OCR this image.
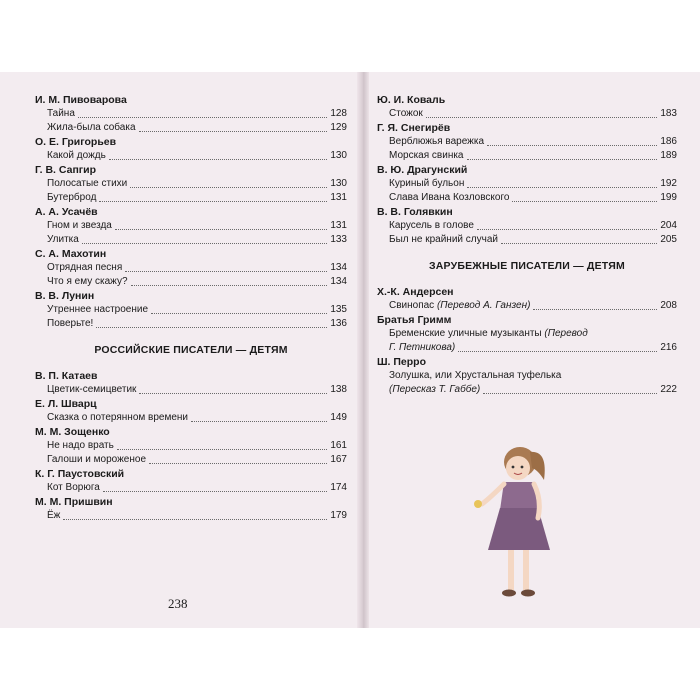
И. М. Пивоварова
Тайна	128
Жила-была собака	129
О. Е. Григорьев
Какой дождь	130
Г. В. Сапгир
Полосатые стихи	130
Бутерброд	131
А. А. Усачёв
Гном и звезда	131
Улитка	133
С. А. Махотин
Отрядная песня	134
Что я ему скажу?	134
В. В. Лунин
Утреннее настроение	135
Поверьте!	136
РОССИЙСКИЕ ПИСАТЕЛИ — ДЕТЯМ
В. П. Катаев
Цветик-семицветик	138
Е. Л. Шварц
Сказка о потерянном времени	149
М. М. Зощенко
Не надо врать	161
Галоши и мороженое	167
К. Г. Паустовский
Кот Ворюга	174
М. М. Пришвин
Ёж	179
238
Ю. И. Коваль
Стожок	183
Г. Я. Снегирёв
Верблюжья варежка	186
Морская свинка	189
В. Ю. Драгунский
Куриный бульон	192
Слава Ивана Козловского	199
В. В. Голявкин
Карусель в голове	204
Был не крайний случай	205
ЗАРУБЕЖНЫЕ ПИСАТЕЛИ — ДЕТЯМ
Х.-К. Андерсен
Свинопас (Перевод А. Ганзен)	208
Братья Гримм
Бременские уличные музыканты (Перевод
Г. Петникова)	216
Ш. Перро
Золушка, или Хрустальная туфелька
(Пересказ Т. Габбе)	222
